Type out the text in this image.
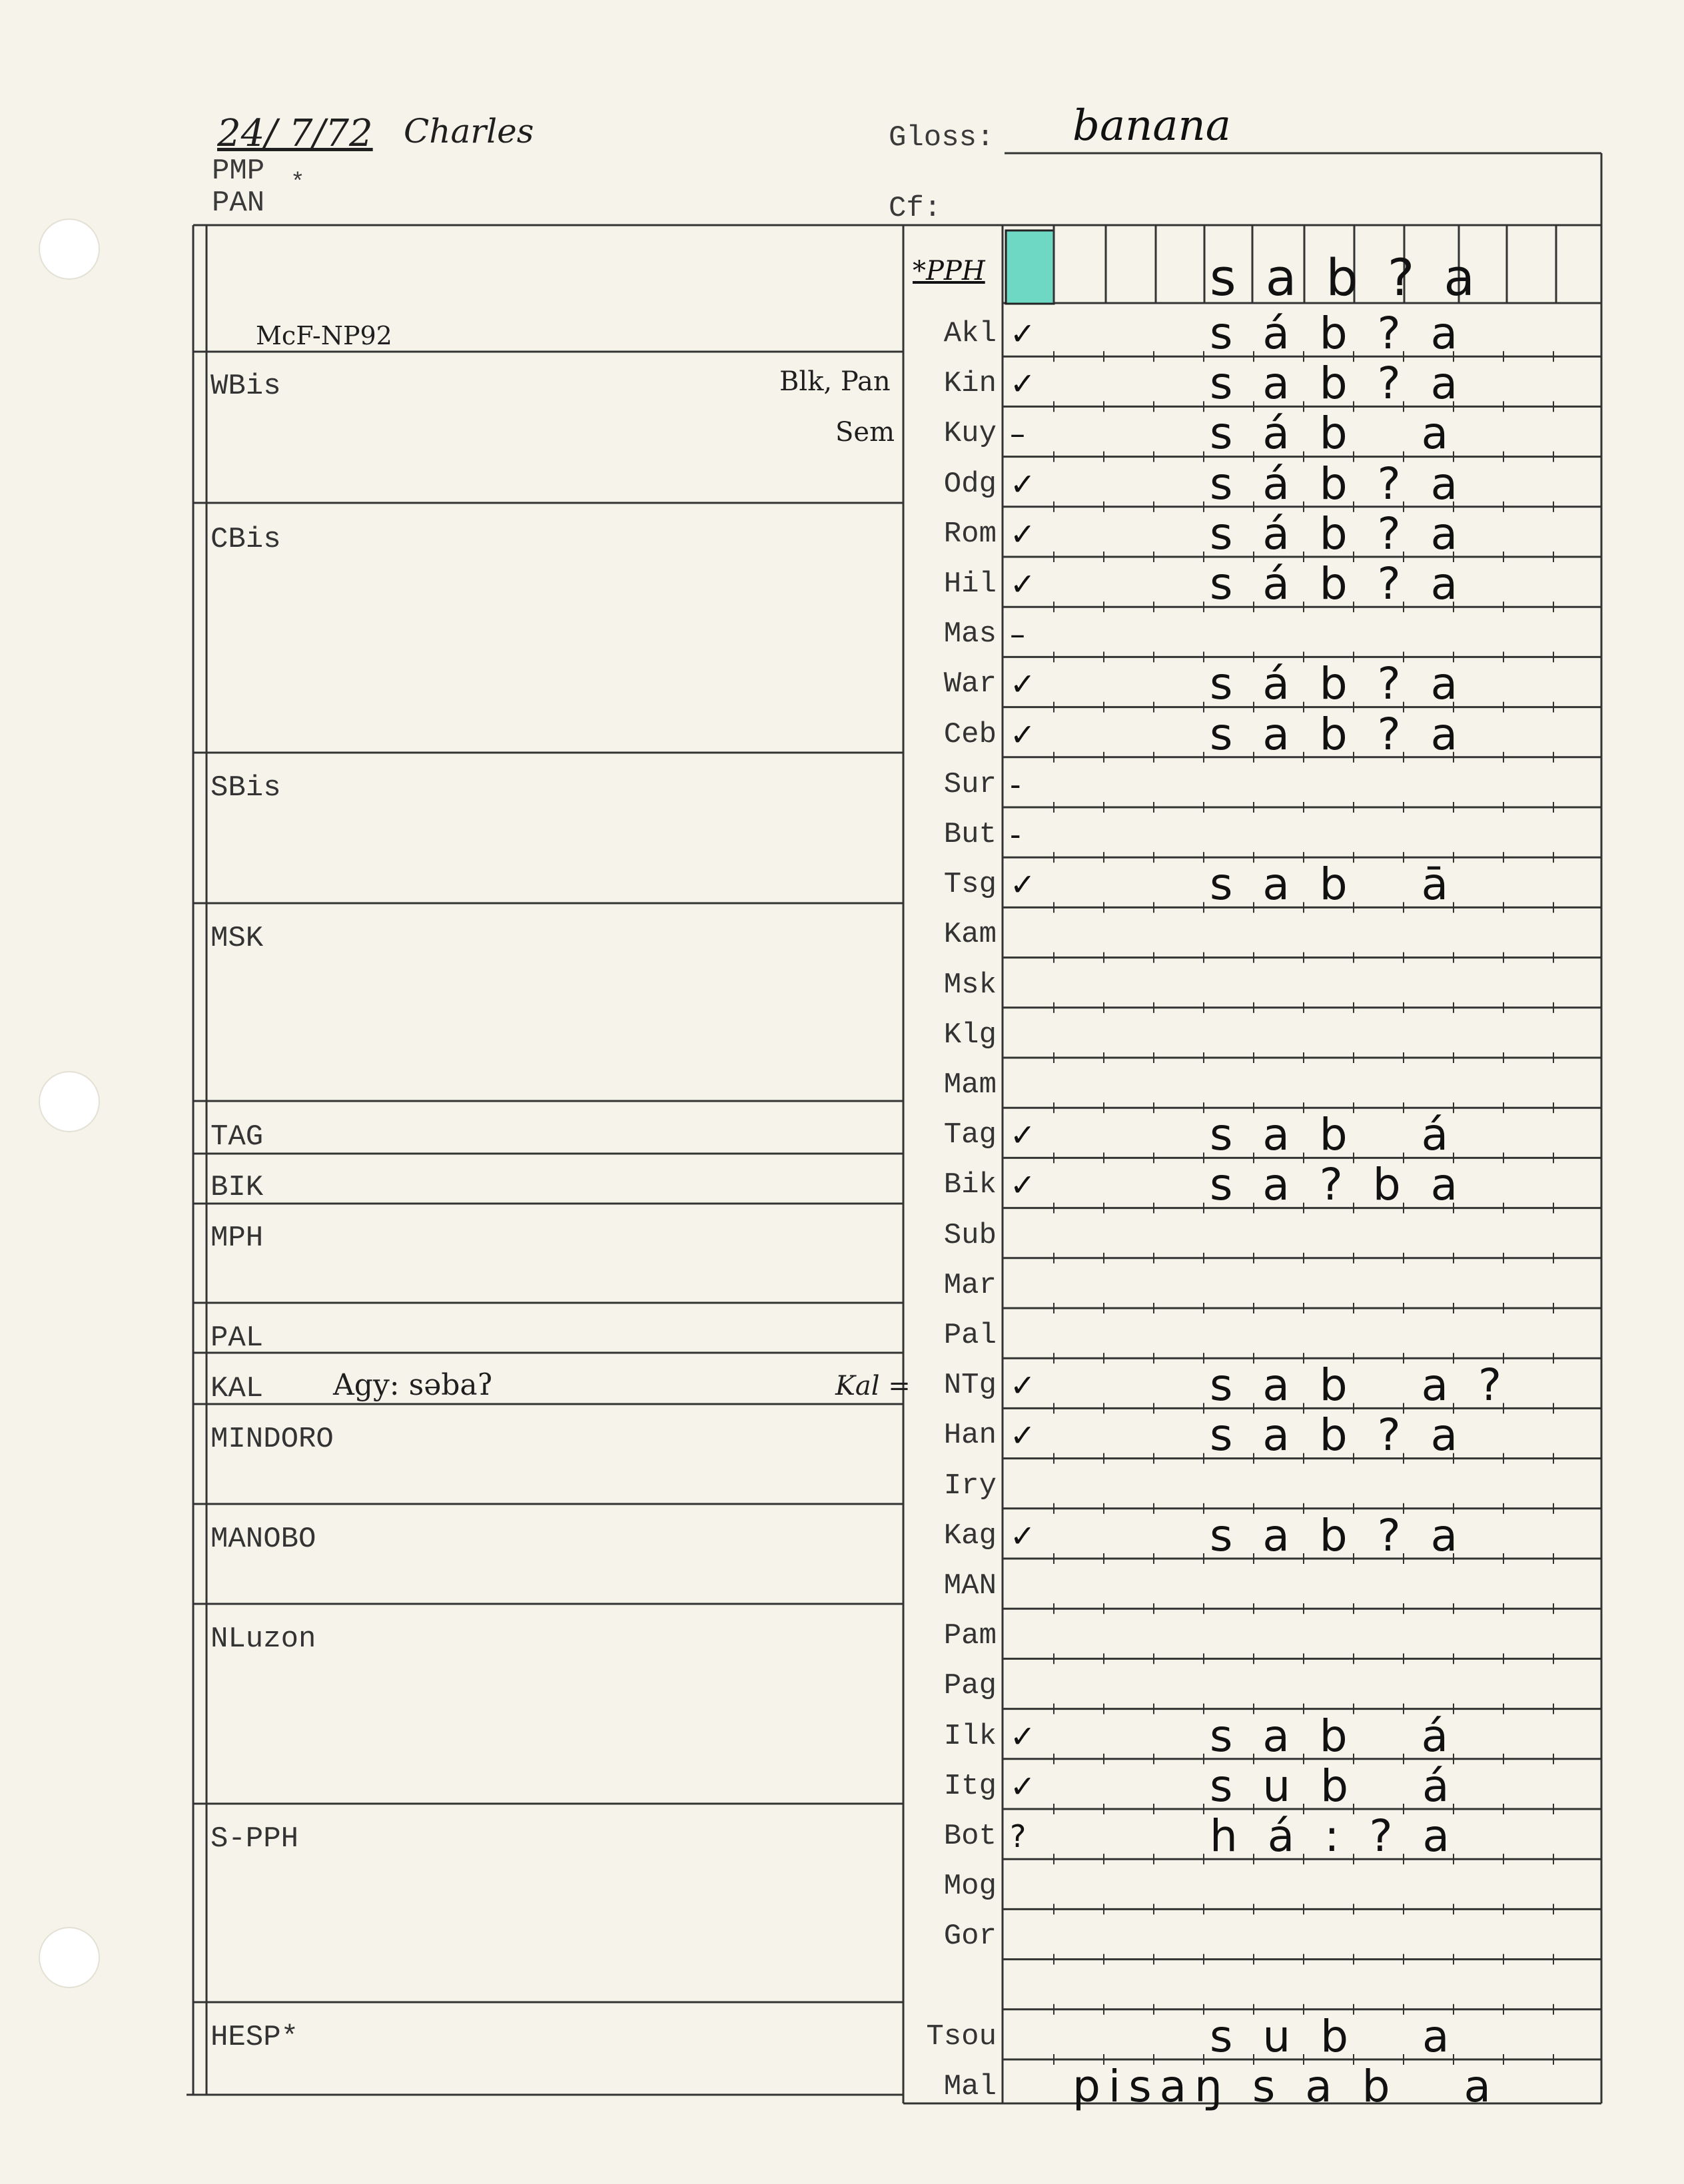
24/ 7/72 Charles
PMP *
PAN
Gloss: banana
Cf:
McF-NP92
*PPH	s a b ? a
WBis
CBis
SBis
MSK
TAG
BIK
MPH
PAL
KAL Agy: səbaʔ
MINDORO
MANOBO
NLuzon
S-PPH
HESP*
Blk, Pan
Sem
Kal =
Akl ✓	s á b ? a
Kin ✓	s a b ? a
Kuy –	s á b   a
Odg ✓	s á b ? a
Rom ✓	s á b ? a
Hil ✓	s á b ? a
Mas –
War ✓	s á b ? a
Ceb ✓	s a b ? a
Sur -
But -
Tsg ✓	s a b   ā
Kam
Msk
Klg
Mam
Tag ✓	s a b   á
Bik ✓	s a ? b a
Sub
Mar
Pal
NTg ✓	s a b   a ?
Han ✓	s a b ? a
Iry
Kag ✓	s a b ? a
MAN
Pam
Pag
Ilk ✓	s a b   á
Itg ✓	s u b   á
Bot ?	h á : ? a
Mog
Gor
Tsou	s u b   a
Mal pisaŋ s a b   a
